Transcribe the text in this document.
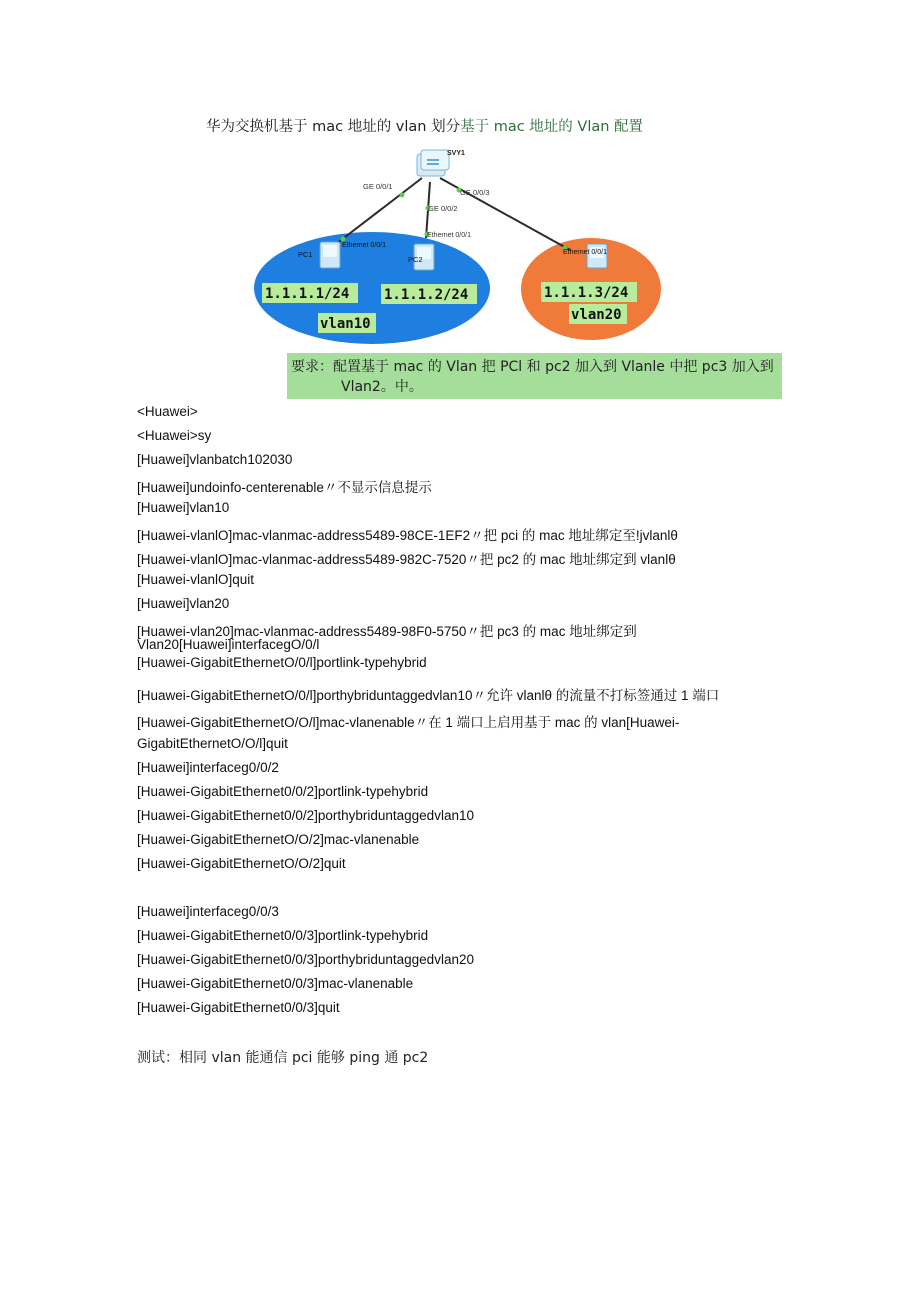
华为交换机基于 mac 地址的 vlan 划分基于 mac 地址的 Vlan 配置
SVY1
GE 0/0/1
GE 0/0/2
GE 0/0/3
PC1
PC2
Ethernet 0/0/1
Ethernet 0/0/1
Ethernet 0/0/1
1.1.1.1/24 1.1.1.2/24	1.1.1.3/24
vlan10
vlan20
要求：配置基于 mac 的 Vlan 把 PCl 和 pc2 加入到 Vlanle 中把 pc3 加入到
Vlan2。中。
<Huawei>
<Huawei>sy
[Huawei]vlanbatch102030
[Huawei]undoinfo-centerenable〃不显示信息提示
[Huawei]vlan10
[Huawei-vlanlO]mac-vlanmac-address5489-98CE-1EF2〃把 pci 的 mac 地址绑定至!jvlanlθ
[Huawei-vlanlO]mac-vlanmac-address5489-982C-7520〃把 pc2 的 mac 地址绑定到 vlanlθ
[Huawei-vlanlO]quit
[Huawei]vlan20
[Huawei-vlan20]mac-vlanmac-address5489-98F0-5750〃把 pc3 的 mac 地址绑定到
Vlan20[Huawei]interfacegO/0/l
[Huawei-GigabitEthernetO/0/l]portlink-typehybrid
[Huawei-GigabitEthernetO/0/l]porthybriduntaggedvlan10〃允许 vlanlθ 的流量不打标签通过 1 端口
[Huawei-GigabitEthernetO/O/l]mac-vlanenable〃在 1 端口上启用基于 mac 的 vlan[Huawei-
GigabitEthernetO/O/l]quit
[Huawei]interfaceg0/0/2
[Huawei-GigabitEthernet0/0/2]portlink-typehybrid
[Huawei-GigabitEthernet0/0/2]porthybriduntaggedvlan10
[Huawei-GigabitEthernetO/O/2]mac-vlanenable
[Huawei-GigabitEthernetO/O/2]quit
[Huawei]interfaceg0/0/3
[Huawei-GigabitEthernet0/0/3]portlink-typehybrid
[Huawei-GigabitEthernet0/0/3]porthybriduntaggedvlan20
[Huawei-GigabitEthernet0/0/3]mac-vlanenable
[Huawei-GigabitEthernet0/0/3]quit
测试：相同 vlan 能通信 pci 能够 ping 通 pc2
